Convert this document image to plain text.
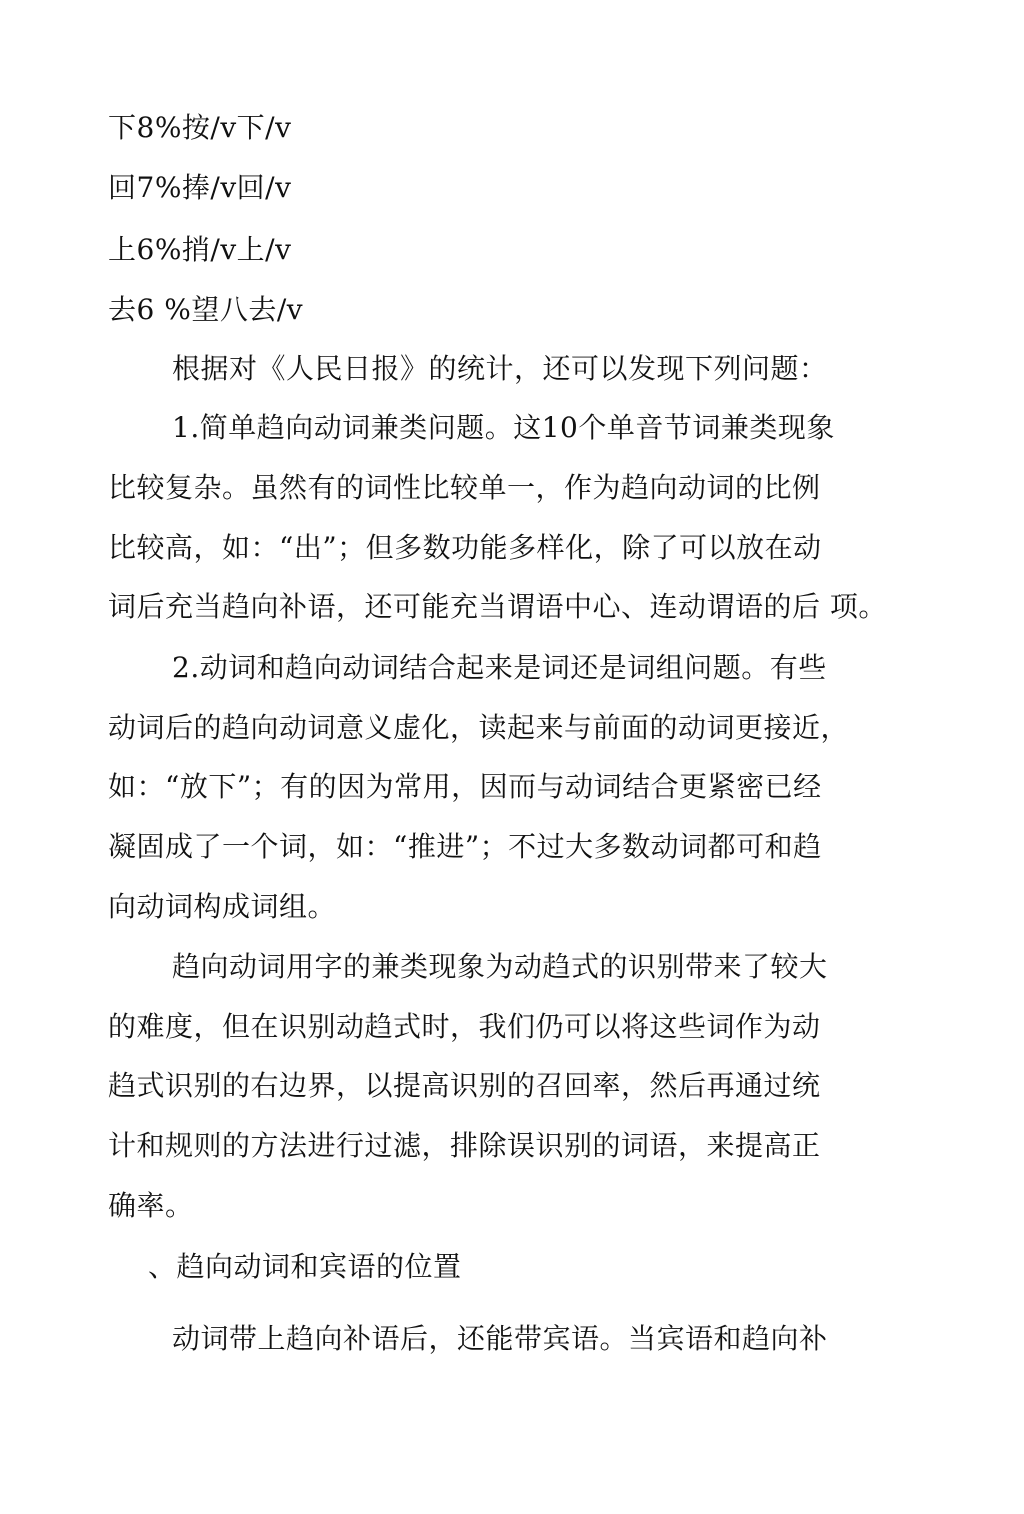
下8%按/v下/v
回7%捧/v回/v
上6%捎/v上/v
去6 %望八去/v
根据对《人民日报》的统计，还可以发现下列问题：
1.简单趋向动词兼类问题。这10个单音节词兼类现象
比较复杂。虽然有的词性比较单一，作为趋向动词的比例
比较高，如：“出”；但多数功能多样化，除了可以放在动
词后充当趋向补语，还可能充当谓语中心、连动谓语的后 项。
2.动词和趋向动词结合起来是词还是词组问题。有些
动词后的趋向动词意义虚化，读起来与前面的动词更接近，
如：“放下”；有的因为常用，因而与动词结合更紧密已经
凝固成了一个词，如：“推进”；不过大多数动词都可和趋
向动词构成词组。
趋向动词用字的兼类现象为动趋式的识别带来了较大
的难度，但在识别动趋式时，我们仍可以将这些词作为动
趋式识别的右边界，以提高识别的召回率，然后再通过统
计和规则的方法进行过滤，排除误识别的词语，来提高正
确率。
、趋向动词和宾语的位置
动词带上趋向补语后，还能带宾语。当宾语和趋向补
